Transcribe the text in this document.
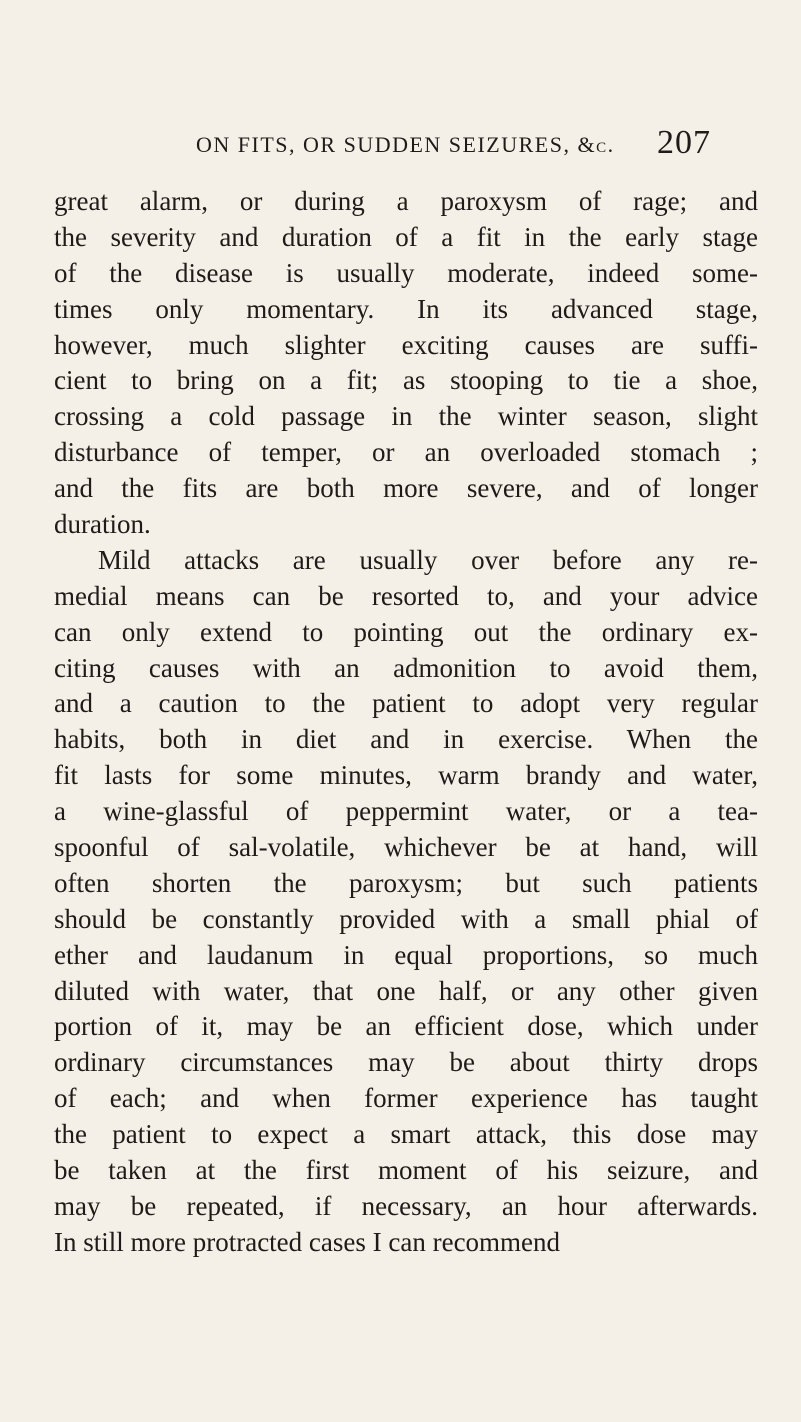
ON FITS, OR SUDDEN SEIZURES, &c. 207
great alarm, or during a paroxysm of rage; and
the severity and duration of a fit in the early stage
of the disease is usually moderate, indeed some-
times only momentary. In its advanced stage,
however, much slighter exciting causes are suffi-
cient to bring on a fit; as stooping to tie a shoe,
crossing a cold passage in the winter season, slight
disturbance of temper, or an overloaded stomach ;
and the fits are both more severe, and of longer
duration.
Mild attacks are usually over before any re-
medial means can be resorted to, and your advice
can only extend to pointing out the ordinary ex-
citing causes with an admonition to avoid them,
and a caution to the patient to adopt very regular
habits, both in diet and in exercise. When the
fit lasts for some minutes, warm brandy and water,
a wine-glassful of peppermint water, or a tea-
spoonful of sal-volatile, whichever be at hand, will
often shorten the paroxysm; but such patients
should be constantly provided with a small phial of
ether and laudanum in equal proportions, so much
diluted with water, that one half, or any other given
portion of it, may be an efficient dose, which under
ordinary circumstances may be about thirty drops
of each; and when former experience has taught
the patient to expect a smart attack, this dose may
be taken at the first moment of his seizure, and
may be repeated, if necessary, an hour afterwards.
In still more protracted cases I can recommend
